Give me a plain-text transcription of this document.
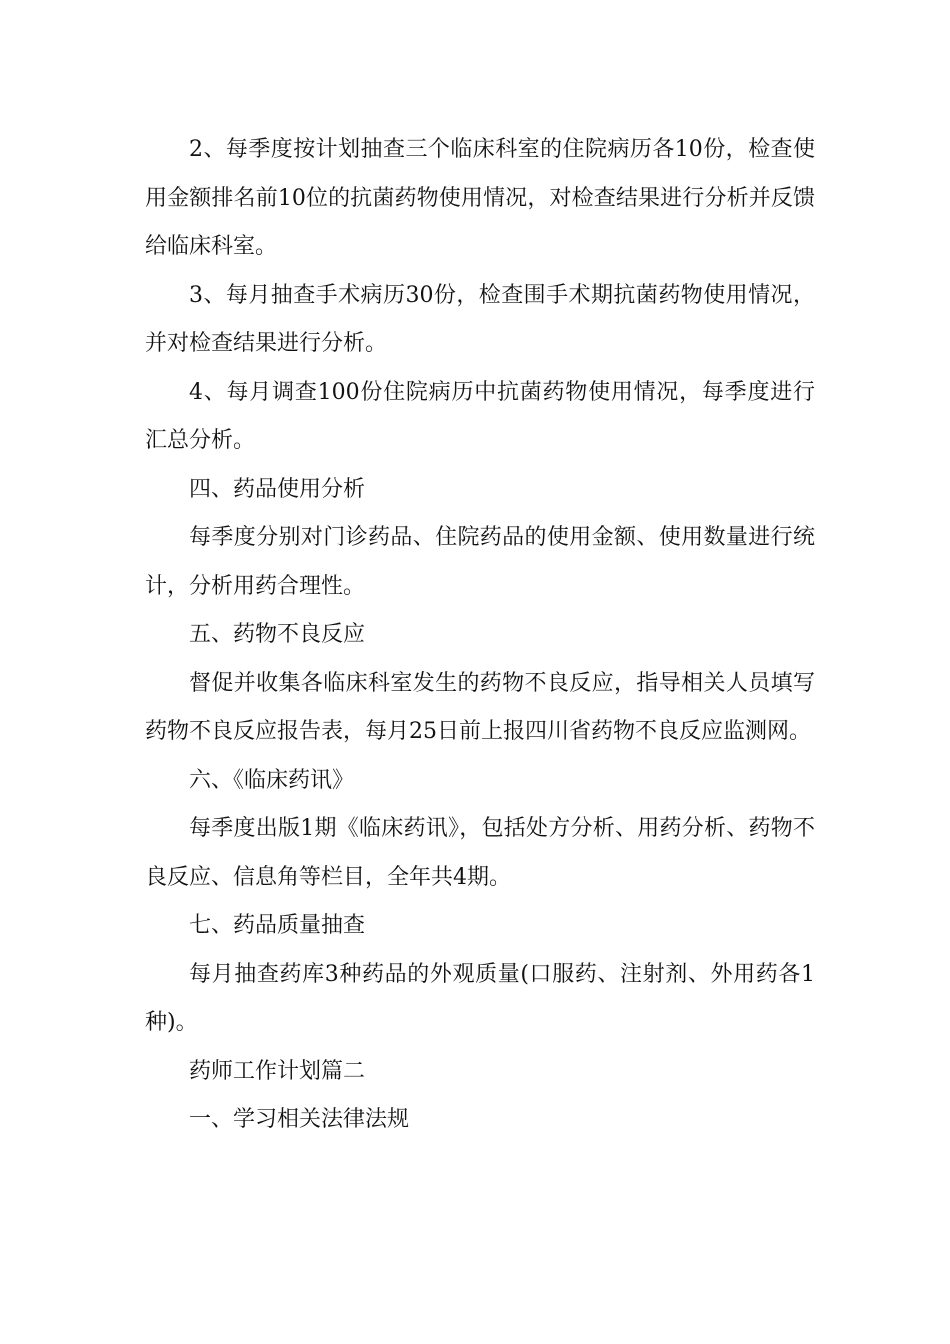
2、每季度按计划抽查三个临床科室的住院病历各10份，检查使用金额排名前10位的抗菌药物使用情况，对检查结果进行分析并反馈给临床科室。

3、每月抽查手术病历30份，检查围手术期抗菌药物使用情况，并对检查结果进行分析。

4、每月调查100份住院病历中抗菌药物使用情况，每季度进行汇总分析。

四、药品使用分析

每季度分别对门诊药品、住院药品的使用金额、使用数量进行统计，分析用药合理性。

五、药物不良反应

督促并收集各临床科室发生的药物不良反应，指导相关人员填写药物不良反应报告表，每月25日前上报四川省药物不良反应监测网。

六、《临床药讯》

每季度出版1期《临床药讯》，包括处方分析、用药分析、药物不良反应、信息角等栏目，全年共4期。

七、药品质量抽查

每月抽查药库3种药品的外观质量(口服药、注射剂、外用药各1种)。

药师工作计划篇二

一、学习相关法律法规
